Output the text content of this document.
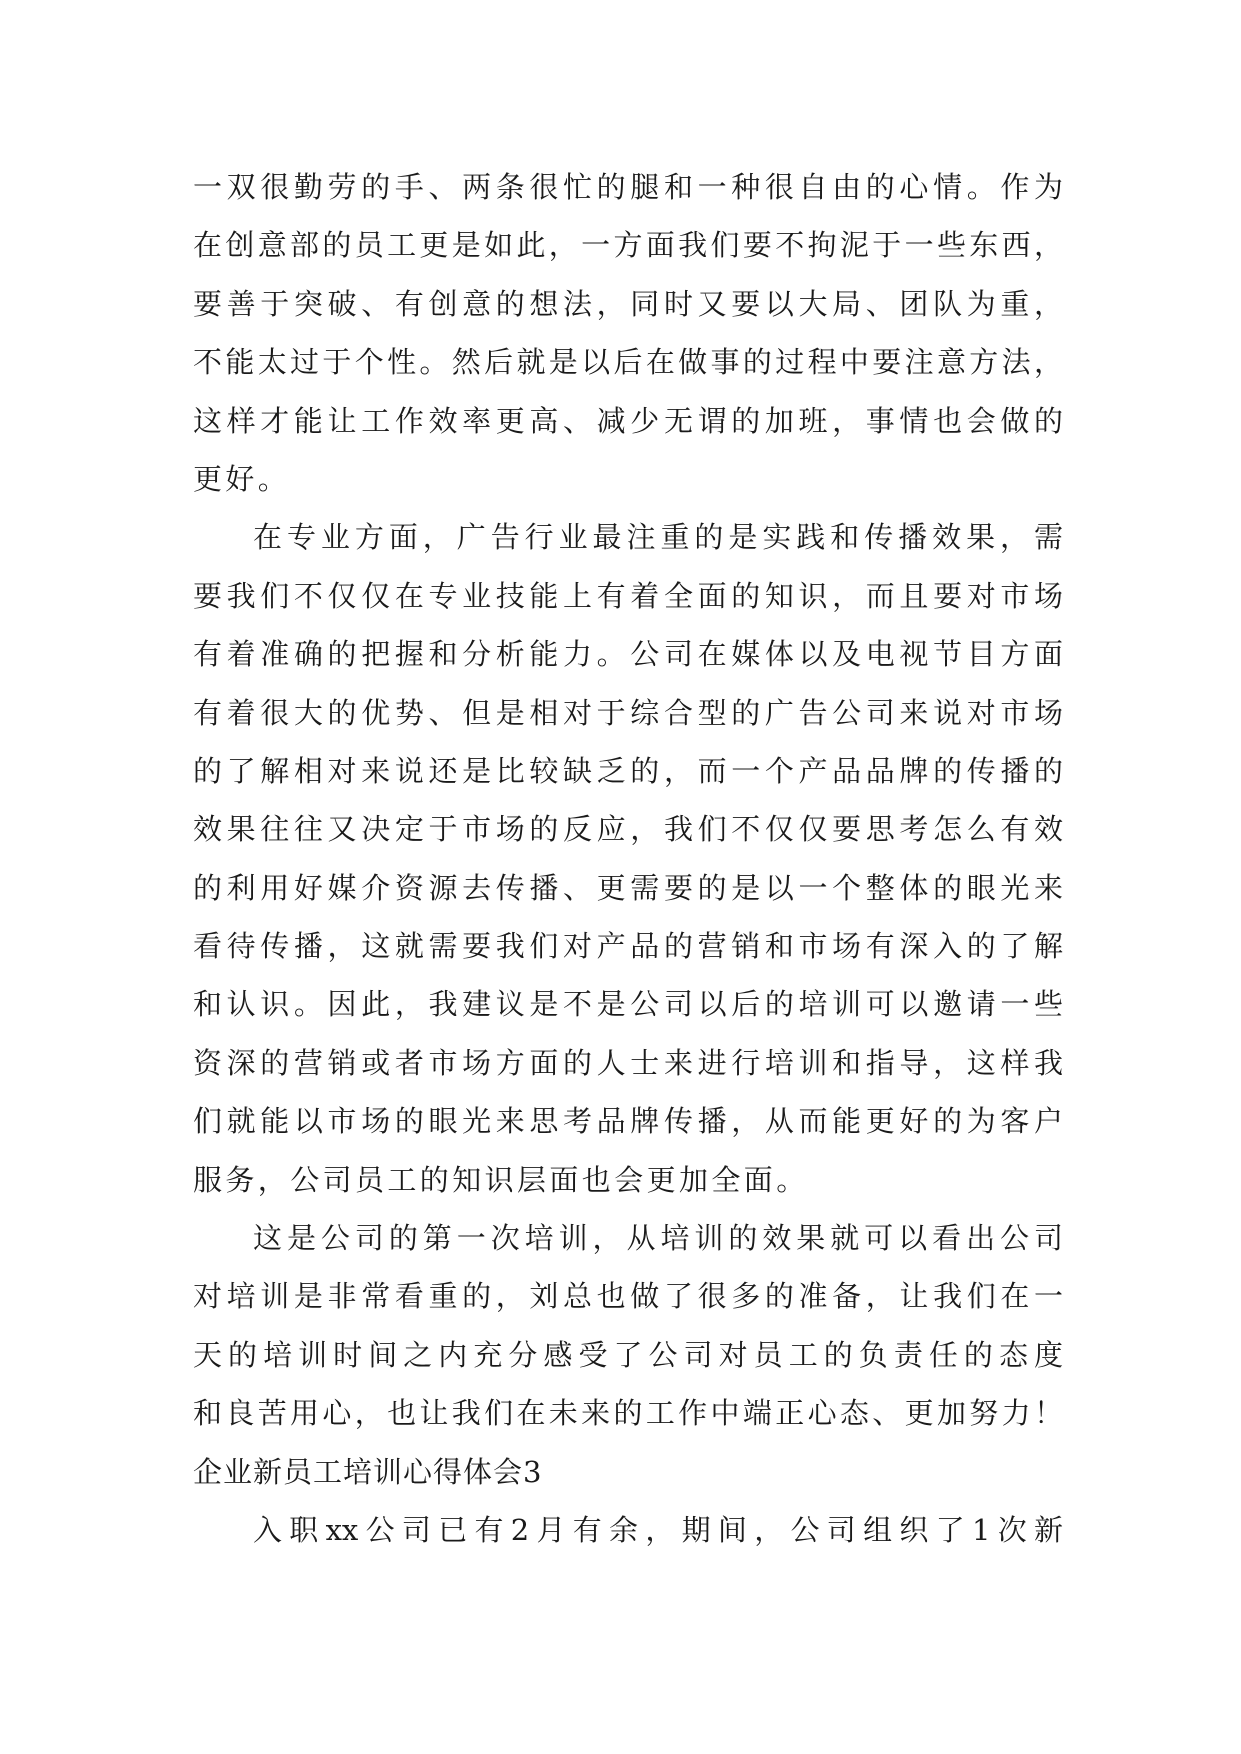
一双很勤劳的手、两条很忙的腿和一种很自由的心情。作为
在创意部的员工更是如此，一方面我们要不拘泥于一些东西，
要善于突破、有创意的想法，同时又要以大局、团队为重，
不能太过于个性。然后就是以后在做事的过程中要注意方法，
这样才能让工作效率更高、减少无谓的加班，事情也会做的
更好。
在专业方面，广告行业最注重的是实践和传播效果，需
要我们不仅仅在专业技能上有着全面的知识，而且要对市场
有着准确的把握和分析能力。公司在媒体以及电视节目方面
有着很大的优势、但是相对于综合型的广告公司来说对市场
的了解相对来说还是比较缺乏的，而一个产品品牌的传播的
效果往往又决定于市场的反应，我们不仅仅要思考怎么有效
的利用好媒介资源去传播、更需要的是以一个整体的眼光来
看待传播，这就需要我们对产品的营销和市场有深入的了解
和认识。因此，我建议是不是公司以后的培训可以邀请一些
资深的营销或者市场方面的人士来进行培训和指导，这样我
们就能以市场的眼光来思考品牌传播，从而能更好的为客户
服务，公司员工的知识层面也会更加全面。
这是公司的第一次培训，从培训的效果就可以看出公司
对培训是非常看重的，刘总也做了很多的准备，让我们在一
天的培训时间之内充分感受了公司对员工的负责任的态度
和良苦用心，也让我们在未来的工作中端正心态、更加努力！
企业新员工培训心得体会3
入职xx公司已有2月有余，期间，公司组织了1次新
